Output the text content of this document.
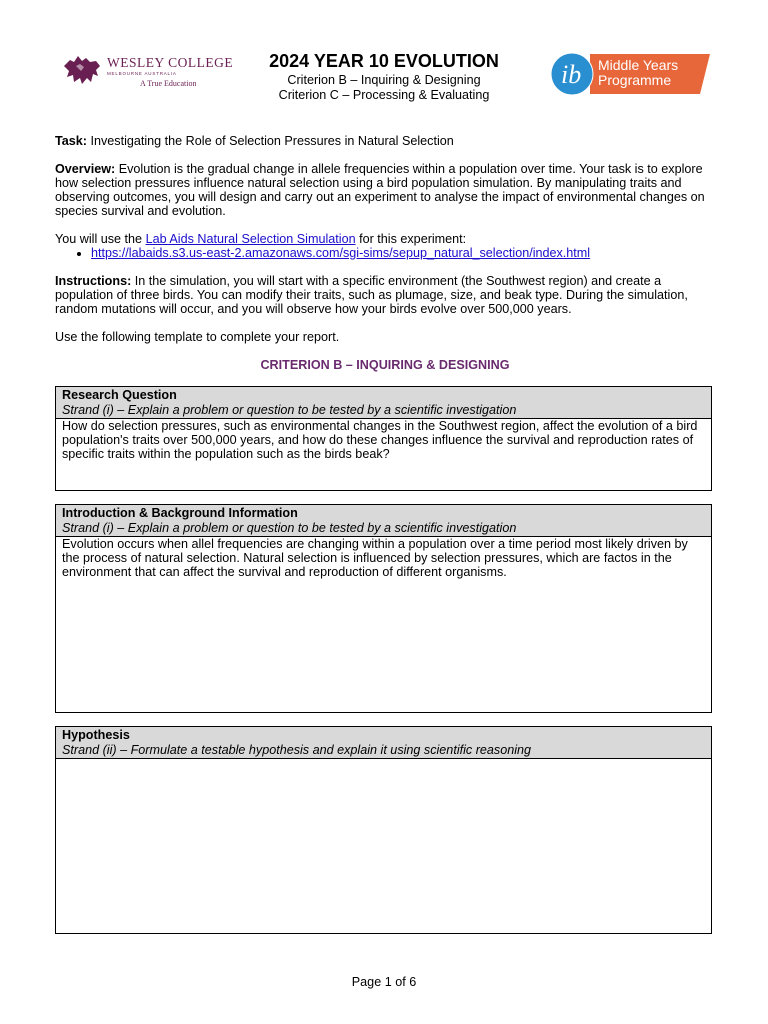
WESLEY COLLEGE
MELBOURNE AUSTRALIA
A True Education

2024 YEAR 10 EVOLUTION

Criterion B – Inquiring & Designing

Criterion C – Processing & Evaluating

ib Middle Years
Programme

Task: Investigating the Role of Selection Pressures in Natural Selection

Overview: Evolution is the gradual change in allele frequencies within a population over time. Your task is to explore how selection pressures influence natural selection using a bird population simulation. By manipulating traits and observing outcomes, you will design and carry out an experiment to analyse the impact of environmental changes on species survival and evolution.

You will use the Lab Aids Natural Selection Simulation for this experiment:

• https://labaids.s3.us-east-2.amazonaws.com/sgi-sims/sepup_natural_selection/index.html

Instructions: In the simulation, you will start with a specific environment (the Southwest region) and create a population of three birds. You can modify their traits, such as plumage, size, and beak type. During the simulation, random mutations will occur, and you will observe how your birds evolve over 500,000 years.

Use the following template to complete your report.

CRITERION B – INQUIRING & DESIGNING

Research Question
Strand (i) – Explain a problem or question to be tested by a scientific investigation
How do selection pressures, such as environmental changes in the Southwest region, affect the evolution of a bird population's traits over 500,000 years, and how do these changes influence the survival and reproduction rates of specific traits within the population such as the birds beak?
Introduction & Background Information
Strand (i) – Explain a problem or question to be tested by a scientific investigation
Evolution occurs when allel frequencies are changing within a population over a time period most likely driven by the process of natural selection. Natural selection is influenced by selection pressures, which are factos in the environment that can affect the survival and reproduction of different organisms.
Hypothesis
Strand (ii) – Formulate a testable hypothesis and explain it using scientific reasoning
Page 1 of 6
